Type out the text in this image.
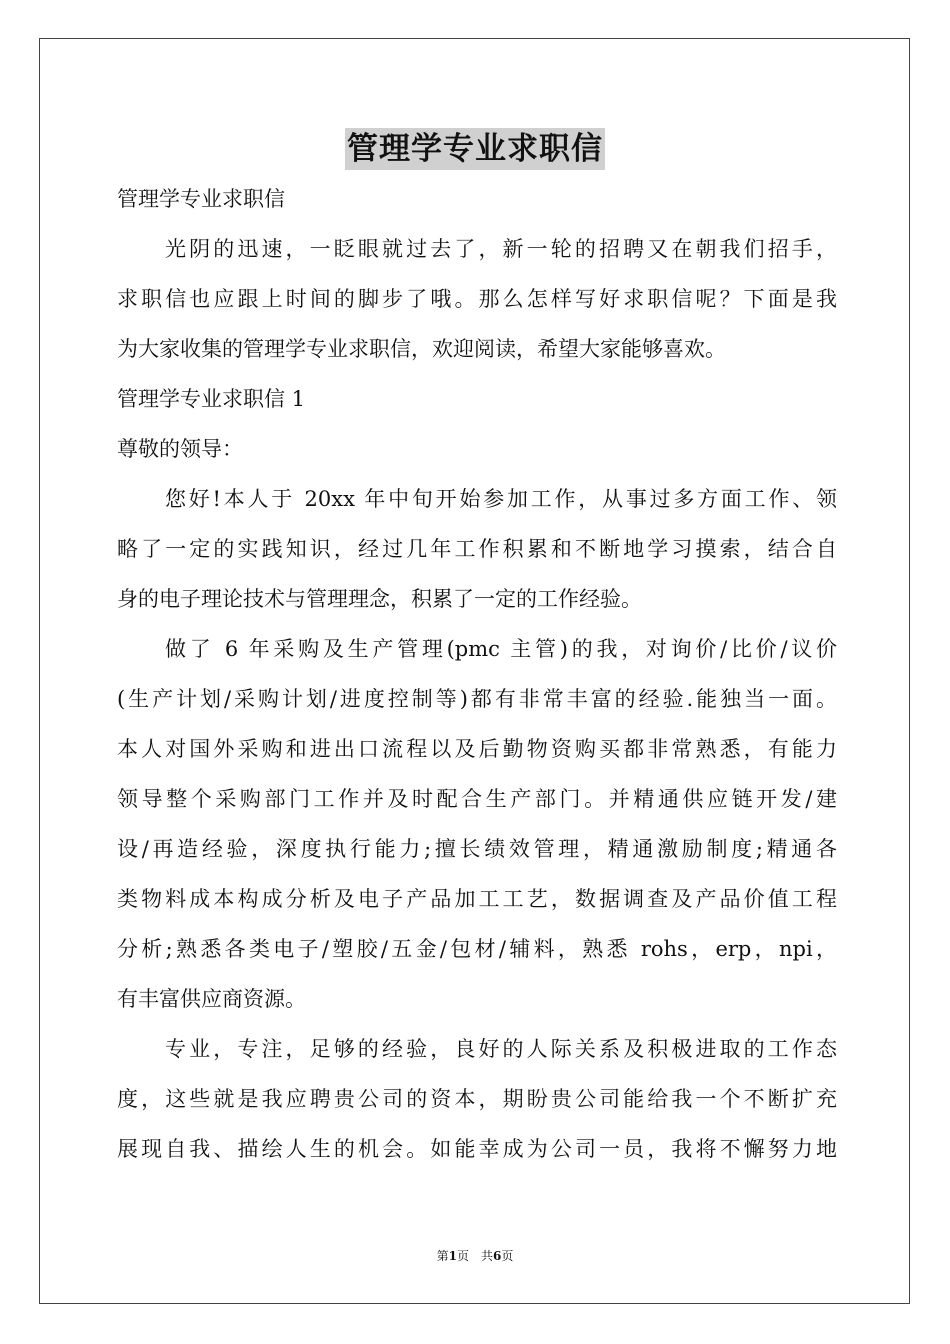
管理学专业求职信
管理学专业求职信
光阴的迅速，一眨眼就过去了，新一轮的招聘又在朝我们招手，
求职信也应跟上时间的脚步了哦。那么怎样写好求职信呢？下面是我
为大家收集的管理学专业求职信，欢迎阅读，希望大家能够喜欢。
管理学专业求职信 1
尊敬的领导：
您好!本人于 20xx 年中旬开始参加工作，从事过多方面工作、领
略了一定的实践知识，经过几年工作积累和不断地学习摸索，结合自
身的电子理论技术与管理理念，积累了一定的工作经验。
做了 6 年采购及生产管理(pmc 主管)的我，对询价/比价/议价
(生产计划/采购计划/进度控制等)都有非常丰富的经验.能独当一面。
本人对国外采购和进出口流程以及后勤物资购买都非常熟悉，有能力
领导整个采购部门工作并及时配合生产部门。并精通供应链开发/建
设/再造经验，深度执行能力;擅长绩效管理，精通激励制度;精通各
类物料成本构成分析及电子产品加工工艺，数据调查及产品价值工程
分析;熟悉各类电子/塑胶/五金/包材/辅料，熟悉 rohs，erp，npi，
有丰富供应商资源。
专业，专注，足够的经验，良好的人际关系及积极进取的工作态
度，这些就是我应聘贵公司的资本，期盼贵公司能给我一个不断扩充
展现自我、描绘人生的机会。如能幸成为公司一员，我将不懈努力地
第1页　共6页
